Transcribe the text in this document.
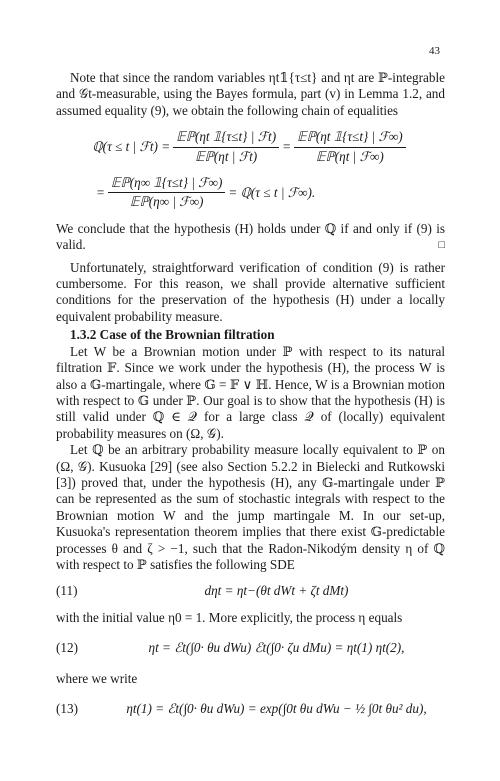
43

Note that since the random variables ηt𝟙{τ≤t} and ηt are ℙ-integrable and 𝒢t-measurable, using the Bayes formula, part (v) in Lemma 1.2, and assumed equality (9), we obtain the following chain of equalities

ℚ(τ ≤ t | ℱt) = $\frac{\text{𝔼ℙ(ηt 𝟙\{τ≤t\} | ℱt)}}{\text{𝔼ℙ(ηt | ℱt)}} = \frac{\text{𝔼ℙ(ηt 𝟙\{τ≤t\} | ℱ∞)}}{\text{𝔼ℙ(ηt | ℱ∞)}}$
= $\frac{\text{𝔼ℙ(η∞ 𝟙\{τ≤t\} | ℱ∞)}}{\text{𝔼ℙ(η∞ | ℱ∞)}}$ = ℚ(τ ≤ t | ℱ∞).

We conclude that the hypothesis (H) holds under ℚ if and only if (9) is valid.	□

Unfortunately, straightforward verification of condition (9) is rather cumbersome. For this reason, we shall provide alternative sufficient conditions for the preservation of the hypothesis (H) under a locally equivalent probability measure.

1.3.2 Case of the Brownian filtration

Let W be a Brownian motion under ℙ with respect to its natural filtration 𝔽. Since we work under the hypothesis (H), the process W is also a 𝔾-martingale, where 𝔾 = 𝔽 ∨ ℍ. Hence, W is a Brownian motion with respect to 𝔾 under ℙ. Our goal is to show that the hypothesis (H) is still valid under ℚ ∈ 𝒬 for a large class 𝒬 of (locally) equivalent probability measures on (Ω, 𝒢).

Let ℚ be an arbitrary probability measure locally equivalent to ℙ on (Ω, 𝒢). Kusuoka [29] (see also Section 5.2.2 in Bielecki and Rutkowski [3]) proved that, under the hypothesis (H), any 𝔾-martingale under ℙ can be represented as the sum of stochastic integrals with respect to the Brownian motion W and the jump martingale M. In our set-up, Kusuoka's representation theorem implies that there exist 𝔾-predictable processes θ and ζ > −1, such that the Radon-Nikodým density η of ℚ with respect to ℙ satisfies the following SDE

(11)	dηt = ηt−(θt dWt + ζt dMt)

with the initial value η0 = 1. More explicitly, the process η equals

(12)	ηt = ℰt(∫0· θu dWu) ℰt(∫0· ζu dMu) = ηt(1) ηt(2),

where we write

(13)	ηt(1) = ℰt(∫0· θu dWu) = exp(∫0t θu dWu − ½ ∫0t θu² du),
